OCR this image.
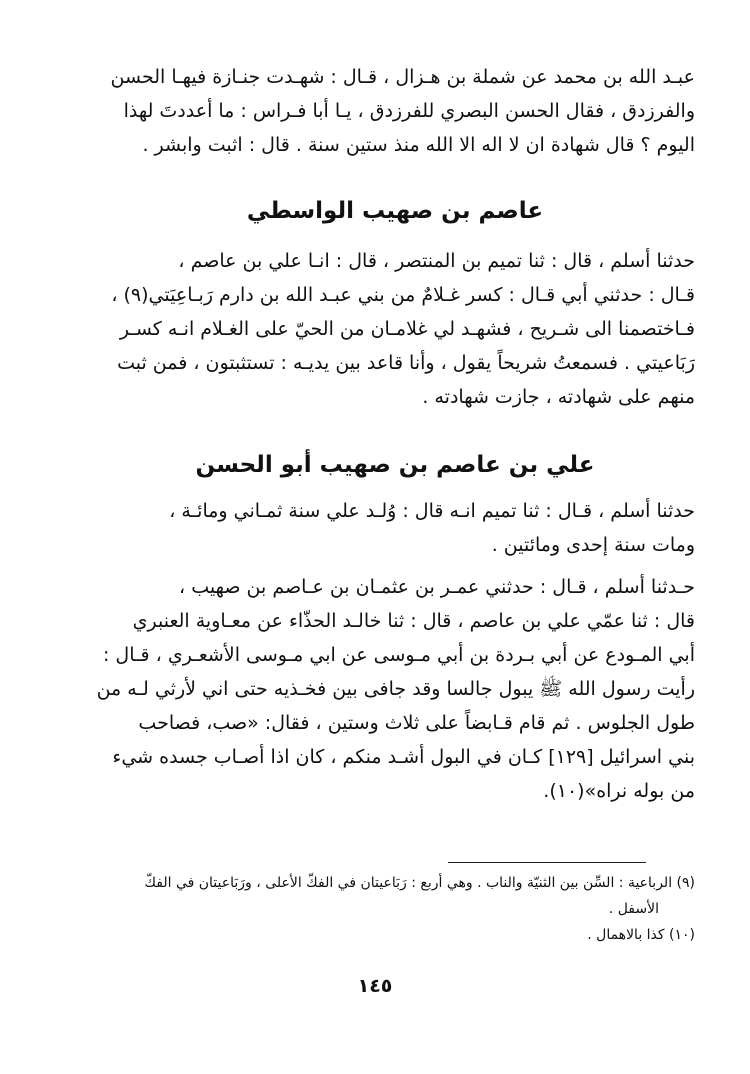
عبـد الله بن محمد عن شملة بن هـزال ، قـال : شهـدت جنـازة فيهـا الحسن
والفرزدق ، فقال الحسن البصري للفرزدق ، يـا أبا فـراس : ما أعددتَ لهذا
اليوم ؟ قال شهادة ان لا اله الا الله منذ ستين سنة . قال : اثبت وابشر .
عاصم بن صهيب الواسطي
حدثنا أسلم ، قال : ثنا تميم بن المنتصر ، قال : انـا علي بن عاصم ،
قـال : حدثني أبي قـال : كسر غـلامٌ من بني عبـد الله بن دارم رَبـاعِيَتي(٩) ،
فـاختصمنا الى شـريح ، فشهـد لي غلامـان من الحيّ على الغـلام انـه كسـر
رَبَاعيتي . فسمعتُ شريحاً يقول ، وأنا قاعد بين يديـه : تستثبتون ، فمن ثبت
منهم على شهادته ، جازت شهادته .
علي بن عاصم بن صهيب أبو الحسن
حدثنا أسلم ، قـال : ثنا تميم انـه قال : وُلـد علي سنة ثمـاني ومائـة ،
ومات سنة إحدى ومائتين .
حـدثنا أسلم ، قـال : حدثني عمـر بن عثمـان بن عـاصم بن صهيب ،
قال : ثنا عمّي علي بن عاصم ، قال : ثنا خالـد الحذّاء عن معـاوية العنبري
أبي المـودع عن أبي بـردة بن أبي مـوسى عن ابي مـوسى الأشعـري ، قـال :
رأيت رسول الله ﷺ يبول جالسا وقد جافى بين فخـذيه حتى اني لأرثي لـه من
طول الجلوس . ثم قام قـابضاً على ثلاث وستين ، فقال: «صب، فصاحب
بني اسرائيل [١٢٩] كـان في البول أشـد منكم ، كان اذا أصـاب جسده شيء
من بوله نراه»(١٠).
(٩) الرباعية : السِّن بين الثنيّة والناب . وهي أربع : رَبَاعيتان في الفكّ الأعلى ، ورَبَاعيتان في الفكّ
الأسفل .
(١٠) كذا بالاهمال .
١٤٥
